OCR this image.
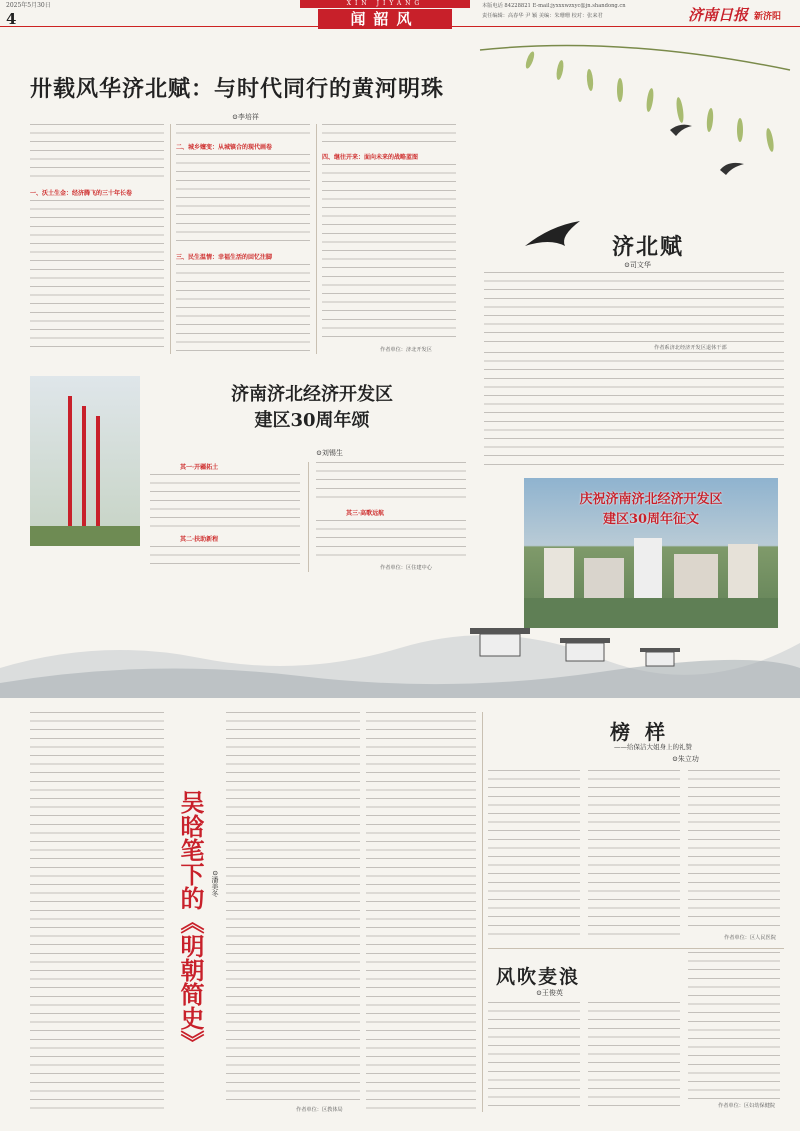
2025年5月30日
4
XIN JIYANG
闻韶风
本版电话 84228821 E-mail:jyxxxwzxyc@jn.shandong.cn
责任编辑：高春华 尹 颖 美编：朱珊珊 校对：张来君	济南日报 新济阳
卅载风华济北赋：与时代同行的黄河明珠
⊙李培祥
一、沃土生金：经济腾飞的三十年长卷
二、城乡嬗变：从城镇合的现代画卷
三、民生温情：幸福生活的回忆注脚
四、继往开来：面向未来的战略蓝图
作者单位：济北开发区
济北赋
⊙司文华
作者系济北经济开发区退休干部
济南济北经济开发区
建区30周年颂
⊙刘锡生
其一·开疆拓土
其二·扶助新程
其三·高歌远航
作者单位：区住建中心
庆祝济南济北经济开发区
建区30周年征文
吴晗笔下的《明朝简史》 ⊙潘美冬
作者单位：区教体局
榜 样
——给保洁大姐身上的礼赞
⊙朱立功
作者单位：区人民医院
风吹麦浪
⊙王俊英
作者单位：区妇幼保健院
